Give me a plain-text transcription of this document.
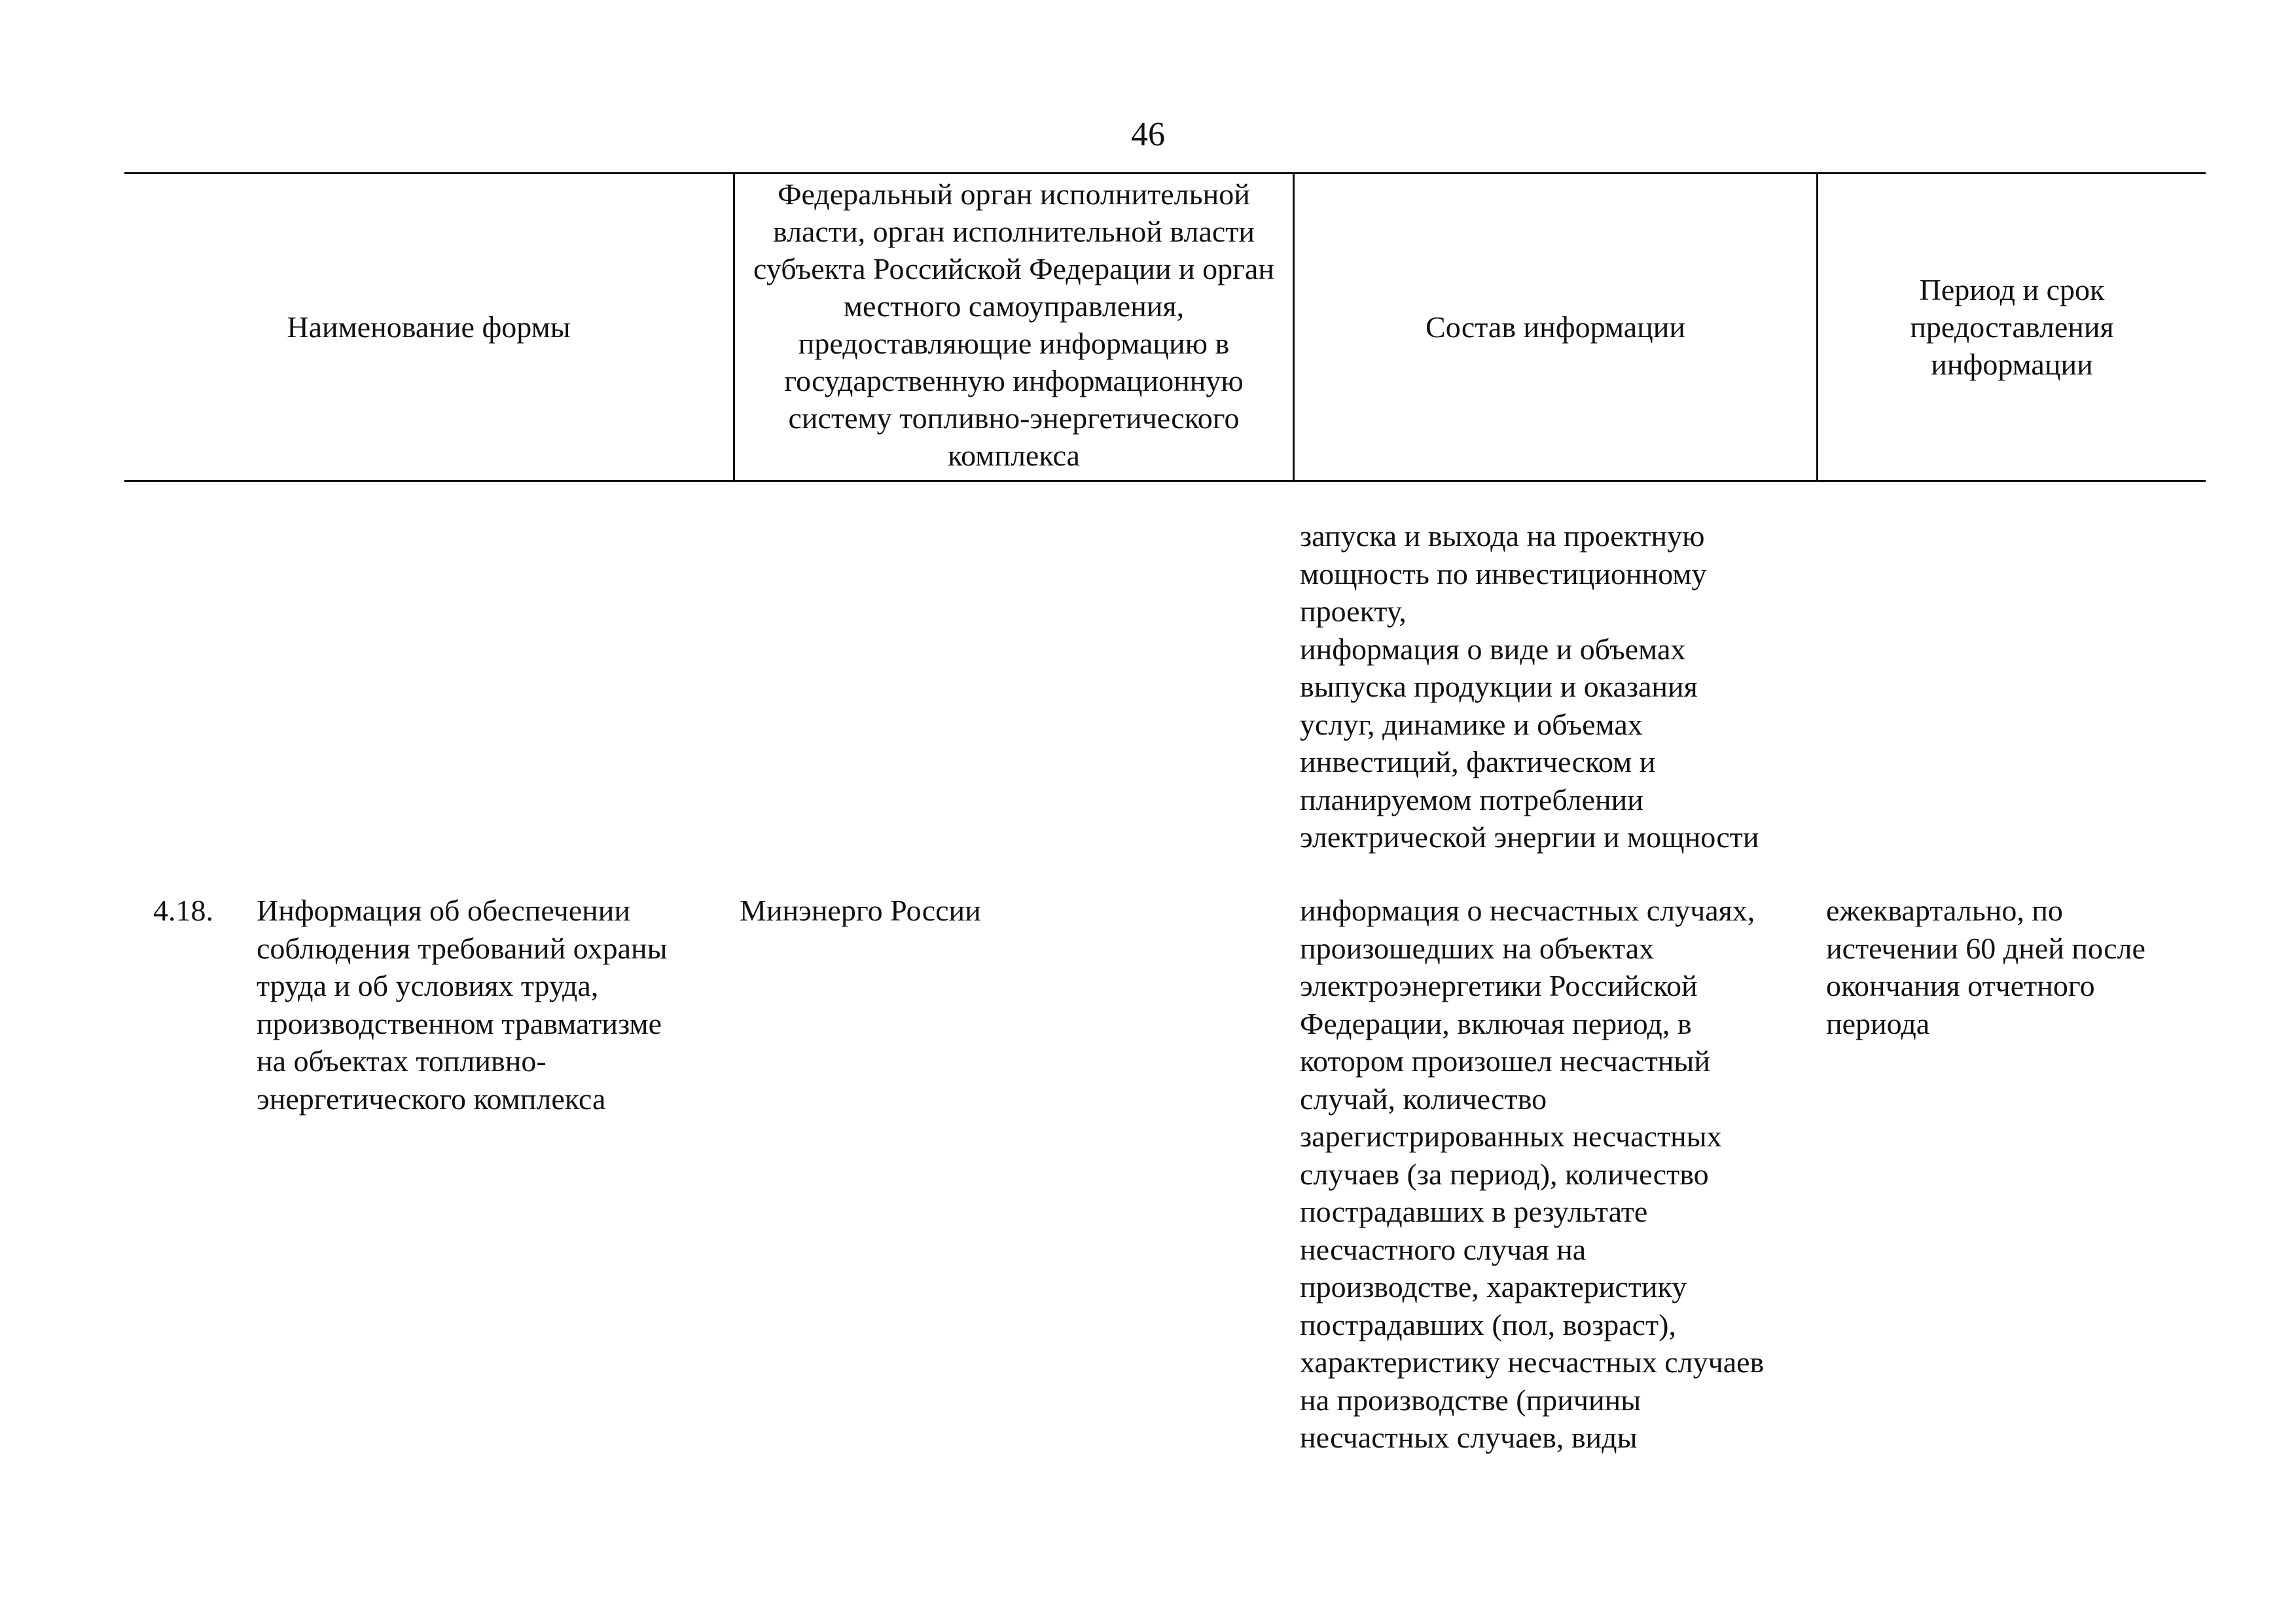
46
Наименование формы
Федеральный орган исполнительной власти, орган исполнительной власти субъекта Российской Федерации и орган местного самоуправления, предоставляющие информацию в государственную информационную систему топливно-энергетического комплекса
Состав информации
Период и срок предоставления информации
запуска и выхода на проектную
мощность по инвестиционному
проекту,
информация о виде и объемах
выпуска продукции и оказания
услуг, динамике и объемах
инвестиций, фактическом и
планируемом потреблении
электрической энергии и мощности
4.18. Информация об обеспечении
соблюдения требований охраны
труда и об условиях труда,
производственном травматизме
на объектах топливно-
энергетического комплекса
Минэнерго России	информация о несчастных случаях,
произошедших на объектах
электроэнергетики Российской
Федерации, включая период, в
котором произошел несчастный
случай, количество
зарегистрированных несчастных
случаев (за период), количество
пострадавших в результате
несчастного случая на
производстве, характеристику
пострадавших (пол, возраст),
характеристику несчастных случаев
на производстве (причины
несчастных случаев, виды
ежеквартально, по
истечении 60 дней после
окончания отчетного
периода
